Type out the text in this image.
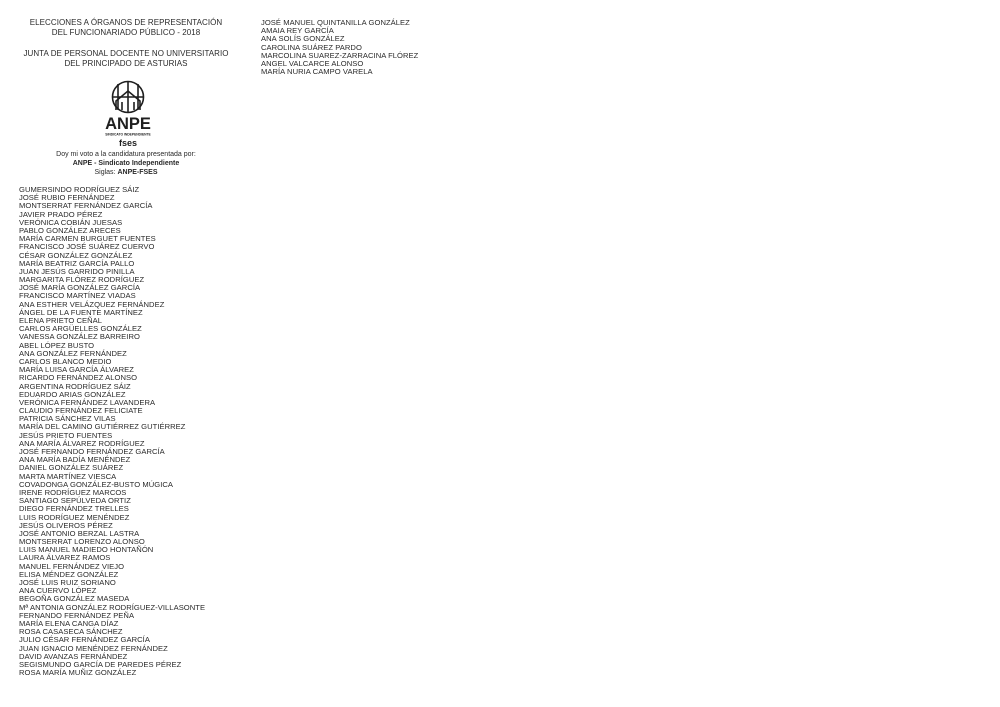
ELECCIONES A ÓRGANOS DE REPRESENTACIÓN
DEL FUNCIONARIADO PÚBLICO - 2018
JUNTA DE PERSONAL DOCENTE NO UNIVERSITARIO
DEL PRINCIPADO DE ASTURIAS
ANPE
SINDICATO INDEPENDIENTE
fses
Doy mi voto a la candidatura presentada por:
ANPE - Sindicato Independiente
Siglas: ANPE-FSES
GUMERSINDO RODRÍGUEZ SÁIZ
JOSÉ RUBIO FERNÁNDEZ
MONTSERRAT FERNÁNDEZ GARCÍA
JAVIER PRADO PÉREZ
VERÓNICA COBIÁN JUESAS
PABLO GONZÁLEZ ARECES
MARÍA CARMEN BURGUET FUENTES
FRANCISCO JOSÉ SUÁREZ CUERVO
CÉSAR GONZÁLEZ GONZÁLEZ
MARÍA BEATRIZ GARCÍA PALLO
JUAN JESÚS GARRIDO PINILLA
MARGARITA FLÓREZ RODRÍGUEZ
JOSÉ MARÍA GONZÁLEZ GARCÍA
FRANCISCO MARTÍNEZ VIADAS
ANA ESTHER VELÁZQUEZ FERNÁNDEZ
ÁNGEL DE LA FUENTE MARTÍNEZ
ELENA PRIETO CEÑAL
CARLOS ARGÜELLES GONZÁLEZ
VANESSA GONZÁLEZ BARREIRO
ABEL LÓPEZ BUSTO
ANA GONZÁLEZ FERNÁNDEZ
CARLOS BLANCO MEDIO
MARÍA LUISA GARCÍA ÁLVAREZ
RICARDO FERNÁNDEZ ALONSO
ARGENTINA RODRÍGUEZ SÁIZ
EDUARDO ARIAS GONZÁLEZ
VERÓNICA FERNÁNDEZ LAVANDERA
CLAUDIO FERNÁNDEZ FELICIATE
PATRICIA SÁNCHEZ VILAS
MARÍA DEL CAMINO GUTIÉRREZ GUTIÉRREZ
JESÚS PRIETO FUENTES
ANA MARÍA ÁLVAREZ RODRÍGUEZ
JOSÉ FERNANDO FERNÁNDEZ GARCÍA
ANA MARÍA BADÍA MENÉNDEZ
DANIEL GONZÁLEZ SUÁREZ
MARTA MARTÍNEZ VIESCA
COVADONGA GONZÁLEZ-BUSTO MÚGICA
IRENE RODRÍGUEZ MARCOS
SANTIAGO SEPÚLVEDA ORTIZ
DIEGO FERNÁNDEZ TRELLES
LUIS RODRÍGUEZ MENÉNDEZ
JESÚS OLIVEROS PÉREZ
JOSÉ ANTONIO BERZAL LASTRA
MONTSERRAT LORENZO ALONSO
LUIS MANUEL MADIEDO HONTAÑÓN
LAURA ÁLVAREZ RAMOS
MANUEL FERNÁNDEZ VIEJO
ELISA MÉNDEZ GONZÁLEZ
JOSÉ LUIS RUIZ SORIANO
ANA CUERVO LÓPEZ
BEGOÑA GONZÁLEZ MASEDA
Mª ANTONIA GONZÁLEZ RODRÍGUEZ-VILLASONTE
FERNANDO FERNÁNDEZ PEÑA
MARÍA ELENA CANGA DÍAZ
ROSA CASASECA SÁNCHEZ
JULIO CÉSAR FERNÁNDEZ GARCÍA
JUAN IGNACIO MENÉNDEZ FERNÁNDEZ
DAVID AVANZAS FERNÁNDEZ
SEGISMUNDO GARCÍA DE PAREDES PÉREZ
ROSA MARÍA MUÑIZ GONZÁLEZ
JOSÉ MANUEL QUINTANILLA GONZÁLEZ
AMAIA REY GARCÍA
ANA SOLÍS GONZÁLEZ
CAROLINA SUÁREZ PARDO
MARCOLINA SUAREZ-ZARRACINA FLÓREZ
ANGEL VALCARCE ALONSO
MARÍA NURIA CAMPO VARELA
